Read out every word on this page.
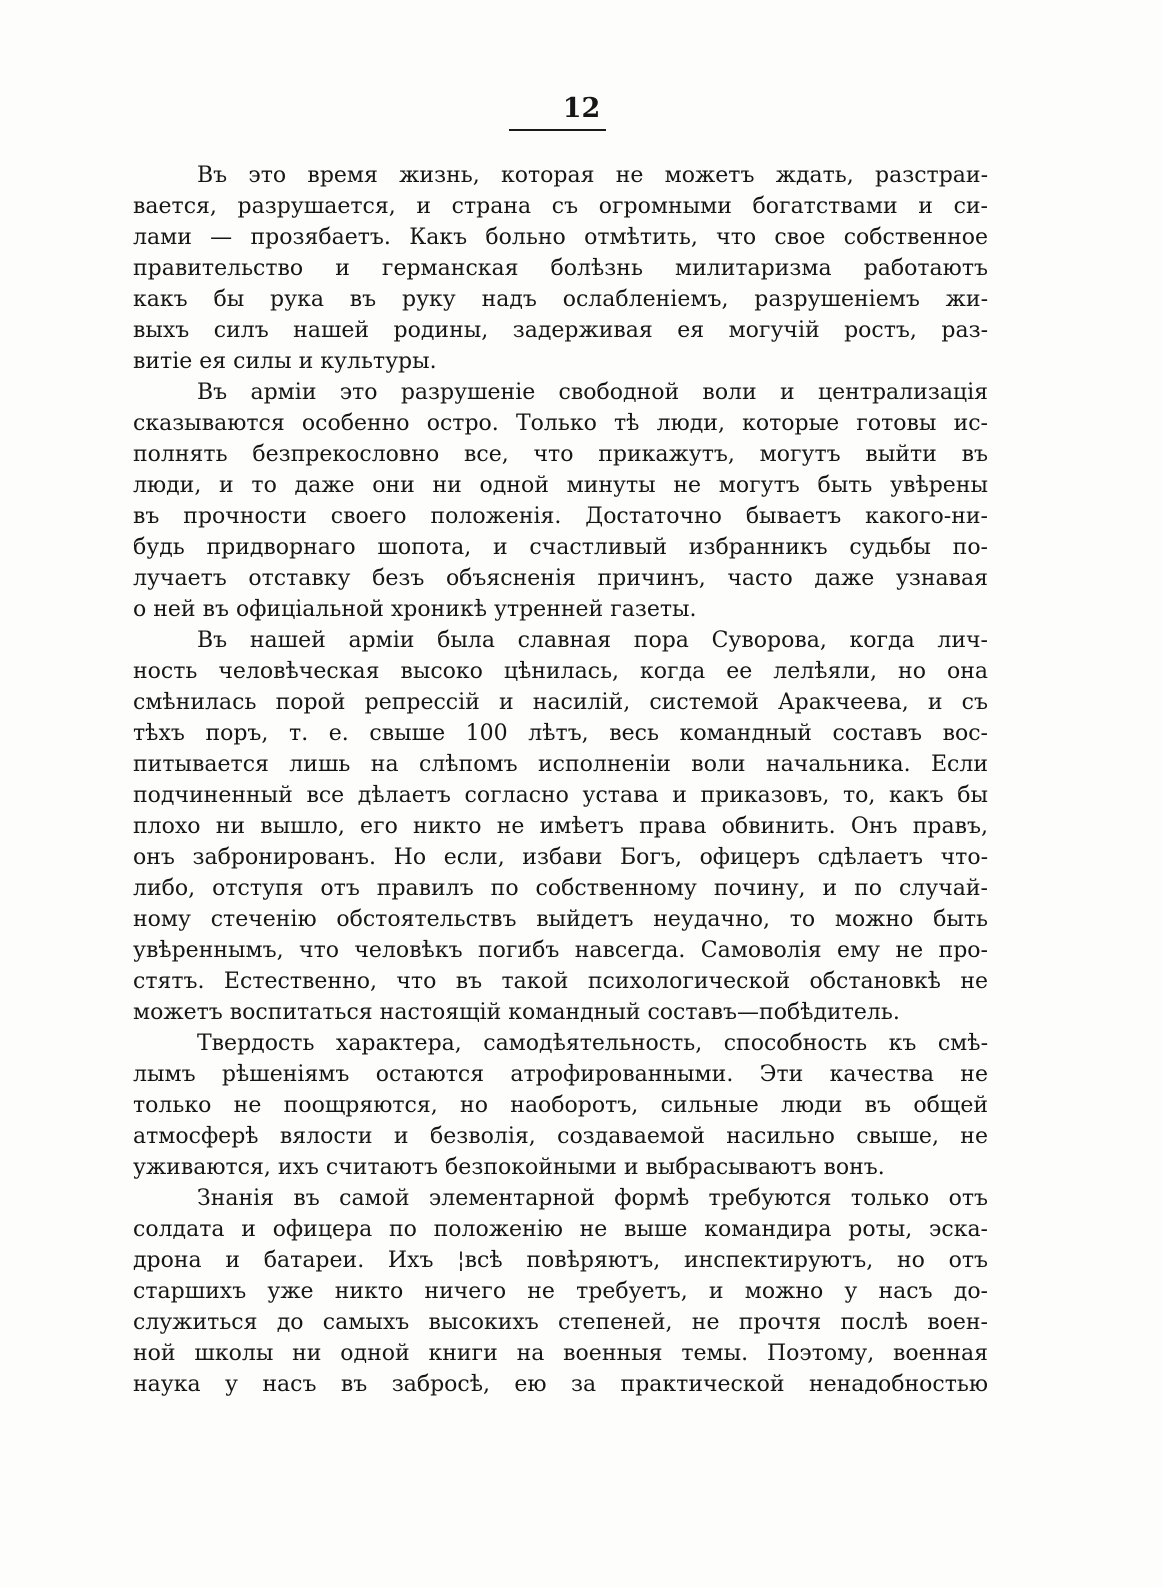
12
Въ это время жизнь, которая не можетъ ждать, разстраи-
вается, разрушается, и страна съ огромными богатствами и си-
лами — прозябаетъ. Какъ больно отмѣтить, что свое собственное
правительство и германская болѣзнь милитаризма работаютъ
какъ бы рука въ руку надъ ослабленіемъ, разрушеніемъ жи-
выхъ силъ нашей родины, задерживая ея могучій ростъ, раз-
витіе ея силы и культуры.
Въ арміи это разрушеніе свободной воли и централизація
сказываются особенно остро. Только тѣ люди, которые готовы ис-
полнять безпрекословно все, что прикажутъ, могутъ выйти въ
люди, и то даже они ни одной минуты не могутъ быть увѣрены
въ прочности своего положенія. Достаточно бываетъ какого-ни-
будь придворнаго шопота, и счастливый избранникъ судьбы по-
лучаетъ отставку безъ объясненія причинъ, часто даже узнавая
о ней въ офиціальной хроникѣ утренней газеты.
Въ нашей арміи была славная пора Суворова, когда лич-
ность человѣческая высоко цѣнилась, когда ее лелѣяли, но она
смѣнилась порой репрессій и насилій, системой Аракчеева, и съ
тѣхъ поръ, т. е. свыше 100 лѣтъ, весь командный составъ вос-
питывается лишь на слѣпомъ исполненіи воли начальника. Если
подчиненный все дѣлаетъ согласно устава и приказовъ, то, какъ бы
плохо ни вышло, его никто не имѣетъ права обвинить. Онъ правъ,
онъ забронированъ. Но если, избави Богъ, офицеръ сдѣлаетъ что-
либо, отступя отъ правилъ по собственному почину, и по случай-
ному стеченію обстоятельствъ выйдетъ неудачно, то можно быть
увѣреннымъ, что человѣкъ погибъ навсегда. Самоволія ему не про-
стятъ. Естественно, что въ такой психологической обстановкѣ не
можетъ воспитаться настоящій командный составъ—побѣдитель.
Твердость характера, самодѣятельность, способность къ смѣ-
лымъ рѣшеніямъ остаются атрофированными. Эти качества не
только не поощряются, но наоборотъ, сильные люди въ общей
атмосферѣ вялости и безволія, создаваемой насильно свыше, не
уживаются, ихъ считаютъ безпокойными и выбрасываютъ вонъ.
Знанія въ самой элементарной формѣ требуются только отъ
солдата и офицера по положенію не выше командира роты, эска-
дрона и батареи. Ихъ ¦всѣ повѣряютъ, инспектируютъ, но отъ
старшихъ уже никто ничего не требуетъ, и можно у насъ до-
служиться до самыхъ высокихъ степеней, не прочтя послѣ воен-
ной школы ни одной книги на военныя темы. Поэтому, военная
наука у насъ въ забросѣ, ею за практической ненадобностью
